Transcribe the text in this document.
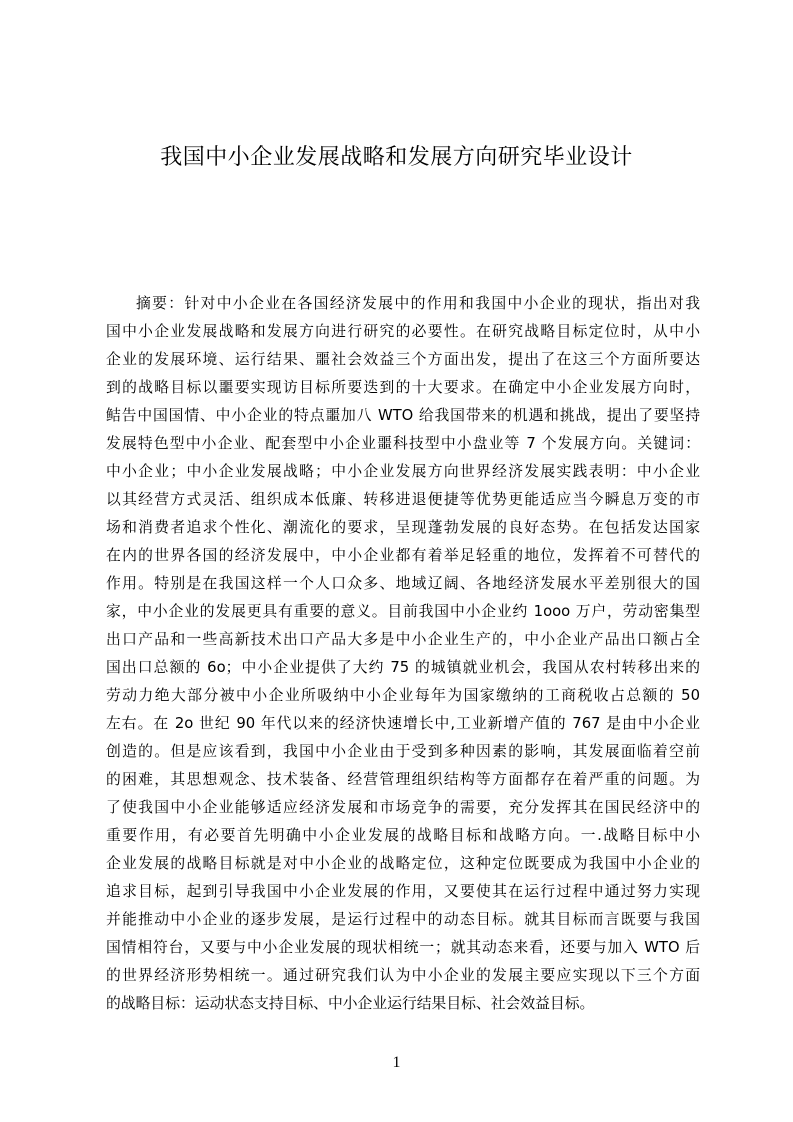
我国中小企业发展战略和发展方向研究毕业设计
摘要：针对中小企业在各国经济发展中的作用和我国中小企业的现状，指出对我
国中小企业发展战略和发展方向进行研究的必要性。在研究战略目标定位时，从中小
企业的发展环境、运行结果、噩社会效益三个方面出发，提出了在这三个方面所要达
到的战略目标以噩要实现访目标所要迭到的十大要求。在确定中小企业发展方向时，
鲒告中国国情、中小企业的特点噩加八 WTO 给我国带来的机遇和挑战，提出了要坚持
发展特色型中小企业、配套型中小企业噩科技型中小盘业等 7 个发展方向。关键词：
中小企业；中小企业发展战略；中小企业发展方向世界经济发展实践表明：中小企业
以其经营方式灵活、组织成本低廉、转移进退便捷等优势更能适应当今瞬息万变的市
场和消费者追求个性化、潮流化的要求，呈现蓬勃发展的良好态势。在包括发达国家
在内的世界各国的经济发展中，中小企业都有着举足轻重的地位，发挥着不可替代的
作用。特别是在我国这样一个人口众多、地域辽阔、各地经济发展水平差别很大的国
家，中小企业的发展更具有重要的意义。目前我国中小企业约 1ooo 万户，劳动密集型
出口产品和一些高新技术出口产品大多是中小企业生产的，中小企业产品出口额占全
国出口总额的 6o；中小企业提供了大约 75 的城镇就业机会，我国从农村转移出来的
劳动力绝大部分被中小企业所吸纳中小企业每年为国家缴纳的工商税收占总额的 50
左右。在 2o 世纪 90 年代以来的经济快速增长中,工业新增产值的 767 是由中小企业
创造的。但是应该看到，我国中小企业由于受到多种因素的影响，其发展面临着空前
的困难，其思想观念、技术装备、经营管理组织结构等方面都存在着严重的问题。为
了使我国中小企业能够适应经济发展和市场竞争的需要，充分发挥其在国民经济中的
重要作用，有必要首先明确中小企业发展的战略目标和战略方向。一.战略目标中小
企业发展的战略目标就是对中小企业的战略定位，这种定位既要成为我国中小企业的
追求目标，起到引导我国中小企业发展的作用，又要使其在运行过程中通过努力实现
并能推动中小企业的逐步发展，是运行过程中的动态目标。就其目标而言既要与我国
国情相符台，又要与中小企业发展的现状相统一；就其动态来看，还要与加入 WTO 后
的世界经济形势相统一。通过研究我们认为中小企业的发展主要应实现以下三个方面
的战略目标：运动状态支持目标、中小企业运行结果目标、社会效益目标。
1
